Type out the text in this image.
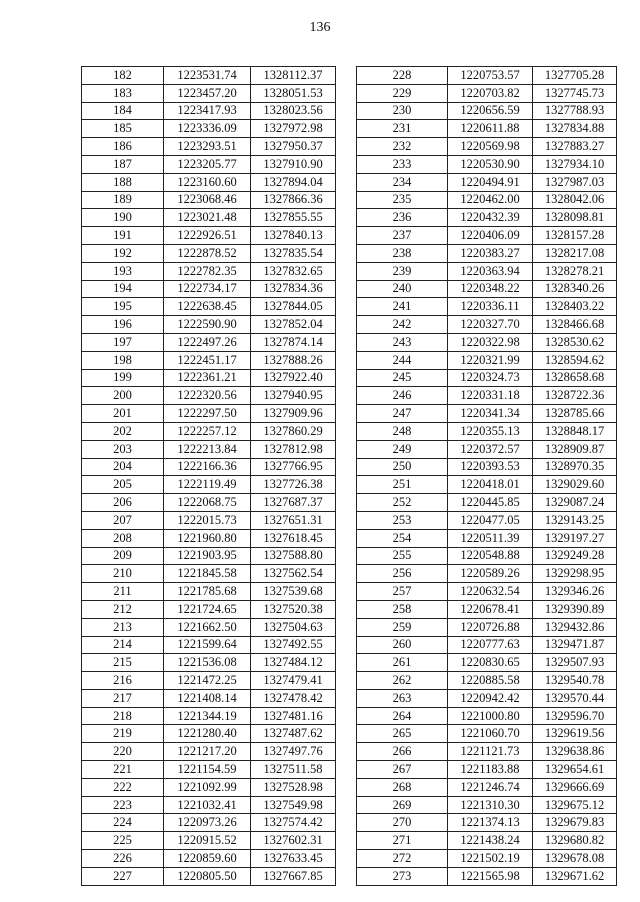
136
182	1223531.74	1328112.37
183	1223457.20	1328051.53
184	1223417.93	1328023.56
185	1223336.09	1327972.98
186	1223293.51	1327950.37
187	1223205.77	1327910.90
188	1223160.60	1327894.04
189	1223068.46	1327866.36
190	1223021.48	1327855.55
191	1222926.51	1327840.13
192	1222878.52	1327835.54
193	1222782.35	1327832.65
194	1222734.17	1327834.36
195	1222638.45	1327844.05
196	1222590.90	1327852.04
197	1222497.26	1327874.14
198	1222451.17	1327888.26
199	1222361.21	1327922.40
200	1222320.56	1327940.95
201	1222297.50	1327909.96
202	1222257.12	1327860.29
203	1222213.84	1327812.98
204	1222166.36	1327766.95
205	1222119.49	1327726.38
206	1222068.75	1327687.37
207	1222015.73	1327651.31
208	1221960.80	1327618.45
209	1221903.95	1327588.80
210	1221845.58	1327562.54
211	1221785.68	1327539.68
212	1221724.65	1327520.38
213	1221662.50	1327504.63
214	1221599.64	1327492.55
215	1221536.08	1327484.12
216	1221472.25	1327479.41
217	1221408.14	1327478.42
218	1221344.19	1327481.16
219	1221280.40	1327487.62
220	1221217.20	1327497.76
221	1221154.59	1327511.58
222	1221092.99	1327528.98
223	1221032.41	1327549.98
224	1220973.26	1327574.42
225	1220915.52	1327602.31
226	1220859.60	1327633.45
227	1220805.50	1327667.85
228	1220753.57	1327705.28
229	1220703.82	1327745.73
230	1220656.59	1327788.93
231	1220611.88	1327834.88
232	1220569.98	1327883.27
233	1220530.90	1327934.10
234	1220494.91	1327987.03
235	1220462.00	1328042.06
236	1220432.39	1328098.81
237	1220406.09	1328157.28
238	1220383.27	1328217.08
239	1220363.94	1328278.21
240	1220348.22	1328340.26
241	1220336.11	1328403.22
242	1220327.70	1328466.68
243	1220322.98	1328530.62
244	1220321.99	1328594.62
245	1220324.73	1328658.68
246	1220331.18	1328722.36
247	1220341.34	1328785.66
248	1220355.13	1328848.17
249	1220372.57	1328909.87
250	1220393.53	1328970.35
251	1220418.01	1329029.60
252	1220445.85	1329087.24
253	1220477.05	1329143.25
254	1220511.39	1329197.27
255	1220548.88	1329249.28
256	1220589.26	1329298.95
257	1220632.54	1329346.26
258	1220678.41	1329390.89
259	1220726.88	1329432.86
260	1220777.63	1329471.87
261	1220830.65	1329507.93
262	1220885.58	1329540.78
263	1220942.42	1329570.44
264	1221000.80	1329596.70
265	1221060.70	1329619.56
266	1221121.73	1329638.86
267	1221183.88	1329654.61
268	1221246.74	1329666.69
269	1221310.30	1329675.12
270	1221374.13	1329679.83
271	1221438.24	1329680.82
272	1221502.19	1329678.08
273	1221565.98	1329671.62
